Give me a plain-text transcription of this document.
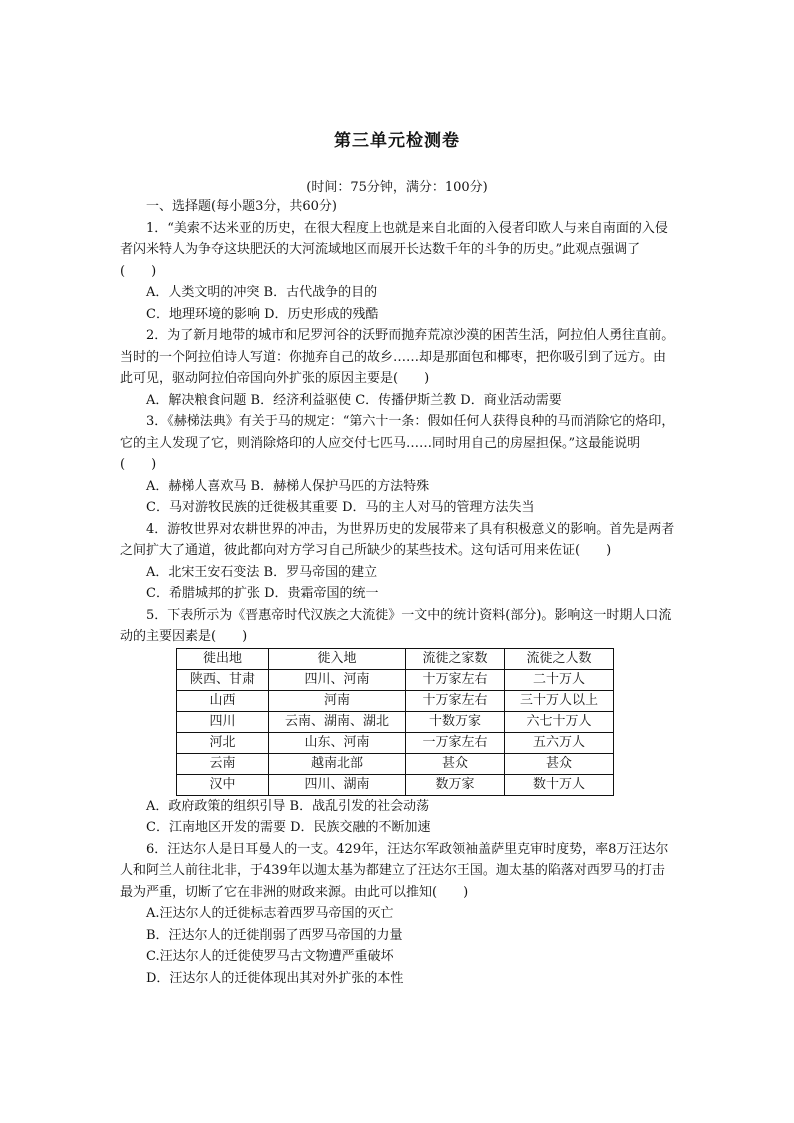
第三单元检测卷
(时间：75分钟，满分：100分)

一、选择题(每小题3分，共60分)

1．“美索不达米亚的历史，在很大程度上也就是来自北面的入侵者印欧人与来自南面的入侵者闪米特人为争夺这块肥沃的大河流域地区而展开长达数千年的斗争的历史。”此观点强调了(　　)

A．人类文明的冲突 B．古代战争的目的

C．地理环境的影响 D．历史形成的残酷

2．为了新月地带的城市和尼罗河谷的沃野而抛弃荒凉沙漠的困苦生活，阿拉伯人勇往直前。当时的一个阿拉伯诗人写道：你抛弃自己的故乡……却是那面包和椰枣，把你吸引到了远方。由此可见，驱动阿拉伯帝国向外扩张的原因主要是(　　)

A．解决粮食问题 B．经济利益驱使 C．传播伊斯兰教 D．商业活动需要

3．《赫梯法典》有关于马的规定：“第六十一条：假如任何人获得良种的马而消除它的烙印，它的主人发现了它，则消除烙印的人应交付七匹马……同时用自己的房屋担保。”这最能说明(　　)

A．赫梯人喜欢马 B．赫梯人保护马匹的方法特殊

C．马对游牧民族的迁徙极其重要 D．马的主人对马的管理方法失当

4．游牧世界对农耕世界的冲击，为世界历史的发展带来了具有积极意义的影响。首先是两者之间扩大了通道，彼此都向对方学习自己所缺少的某些技术。这句话可用来佐证(　　)

A．北宋王安石变法 B．罗马帝国的建立

C．希腊城邦的扩张 D．贵霜帝国的统一

5．下表所示为《晋惠帝时代汉族之大流徙》一文中的统计资料(部分)。影响这一时期人口流动的主要因素是(　　)

徙出地	徙入地	流徙之家数	流徙之人数
陕西、甘肃	四川、河南	十万家左右	二十万人
山西	河南	十万家左右	三十万人以上
四川	云南、湖南、湖北	十数万家	六七十万人
河北	山东、河南	一万家左右	五六万人
云南	越南北部	甚众	甚众
汉中	四川、湖南	数万家	数十万人

A．政府政策的组织引导 B．战乱引发的社会动荡

C．江南地区开发的需要 D．民族交融的不断加速

6．汪达尔人是日耳曼人的一支。429年，汪达尔军政领袖盖萨里克审时度势，率8万汪达尔人和阿兰人前往北非，于439年以迦太基为都建立了汪达尔王国。迦太基的陷落对西罗马的打击最为严重，切断了它在非洲的财政来源。由此可以推知(　　)

A.汪达尔人的迁徙标志着西罗马帝国的灭亡

B．汪达尔人的迁徙削弱了西罗马帝国的力量

C.汪达尔人的迁徙使罗马古文物遭严重破坏

D．汪达尔人的迁徙体现出其对外扩张的本性
